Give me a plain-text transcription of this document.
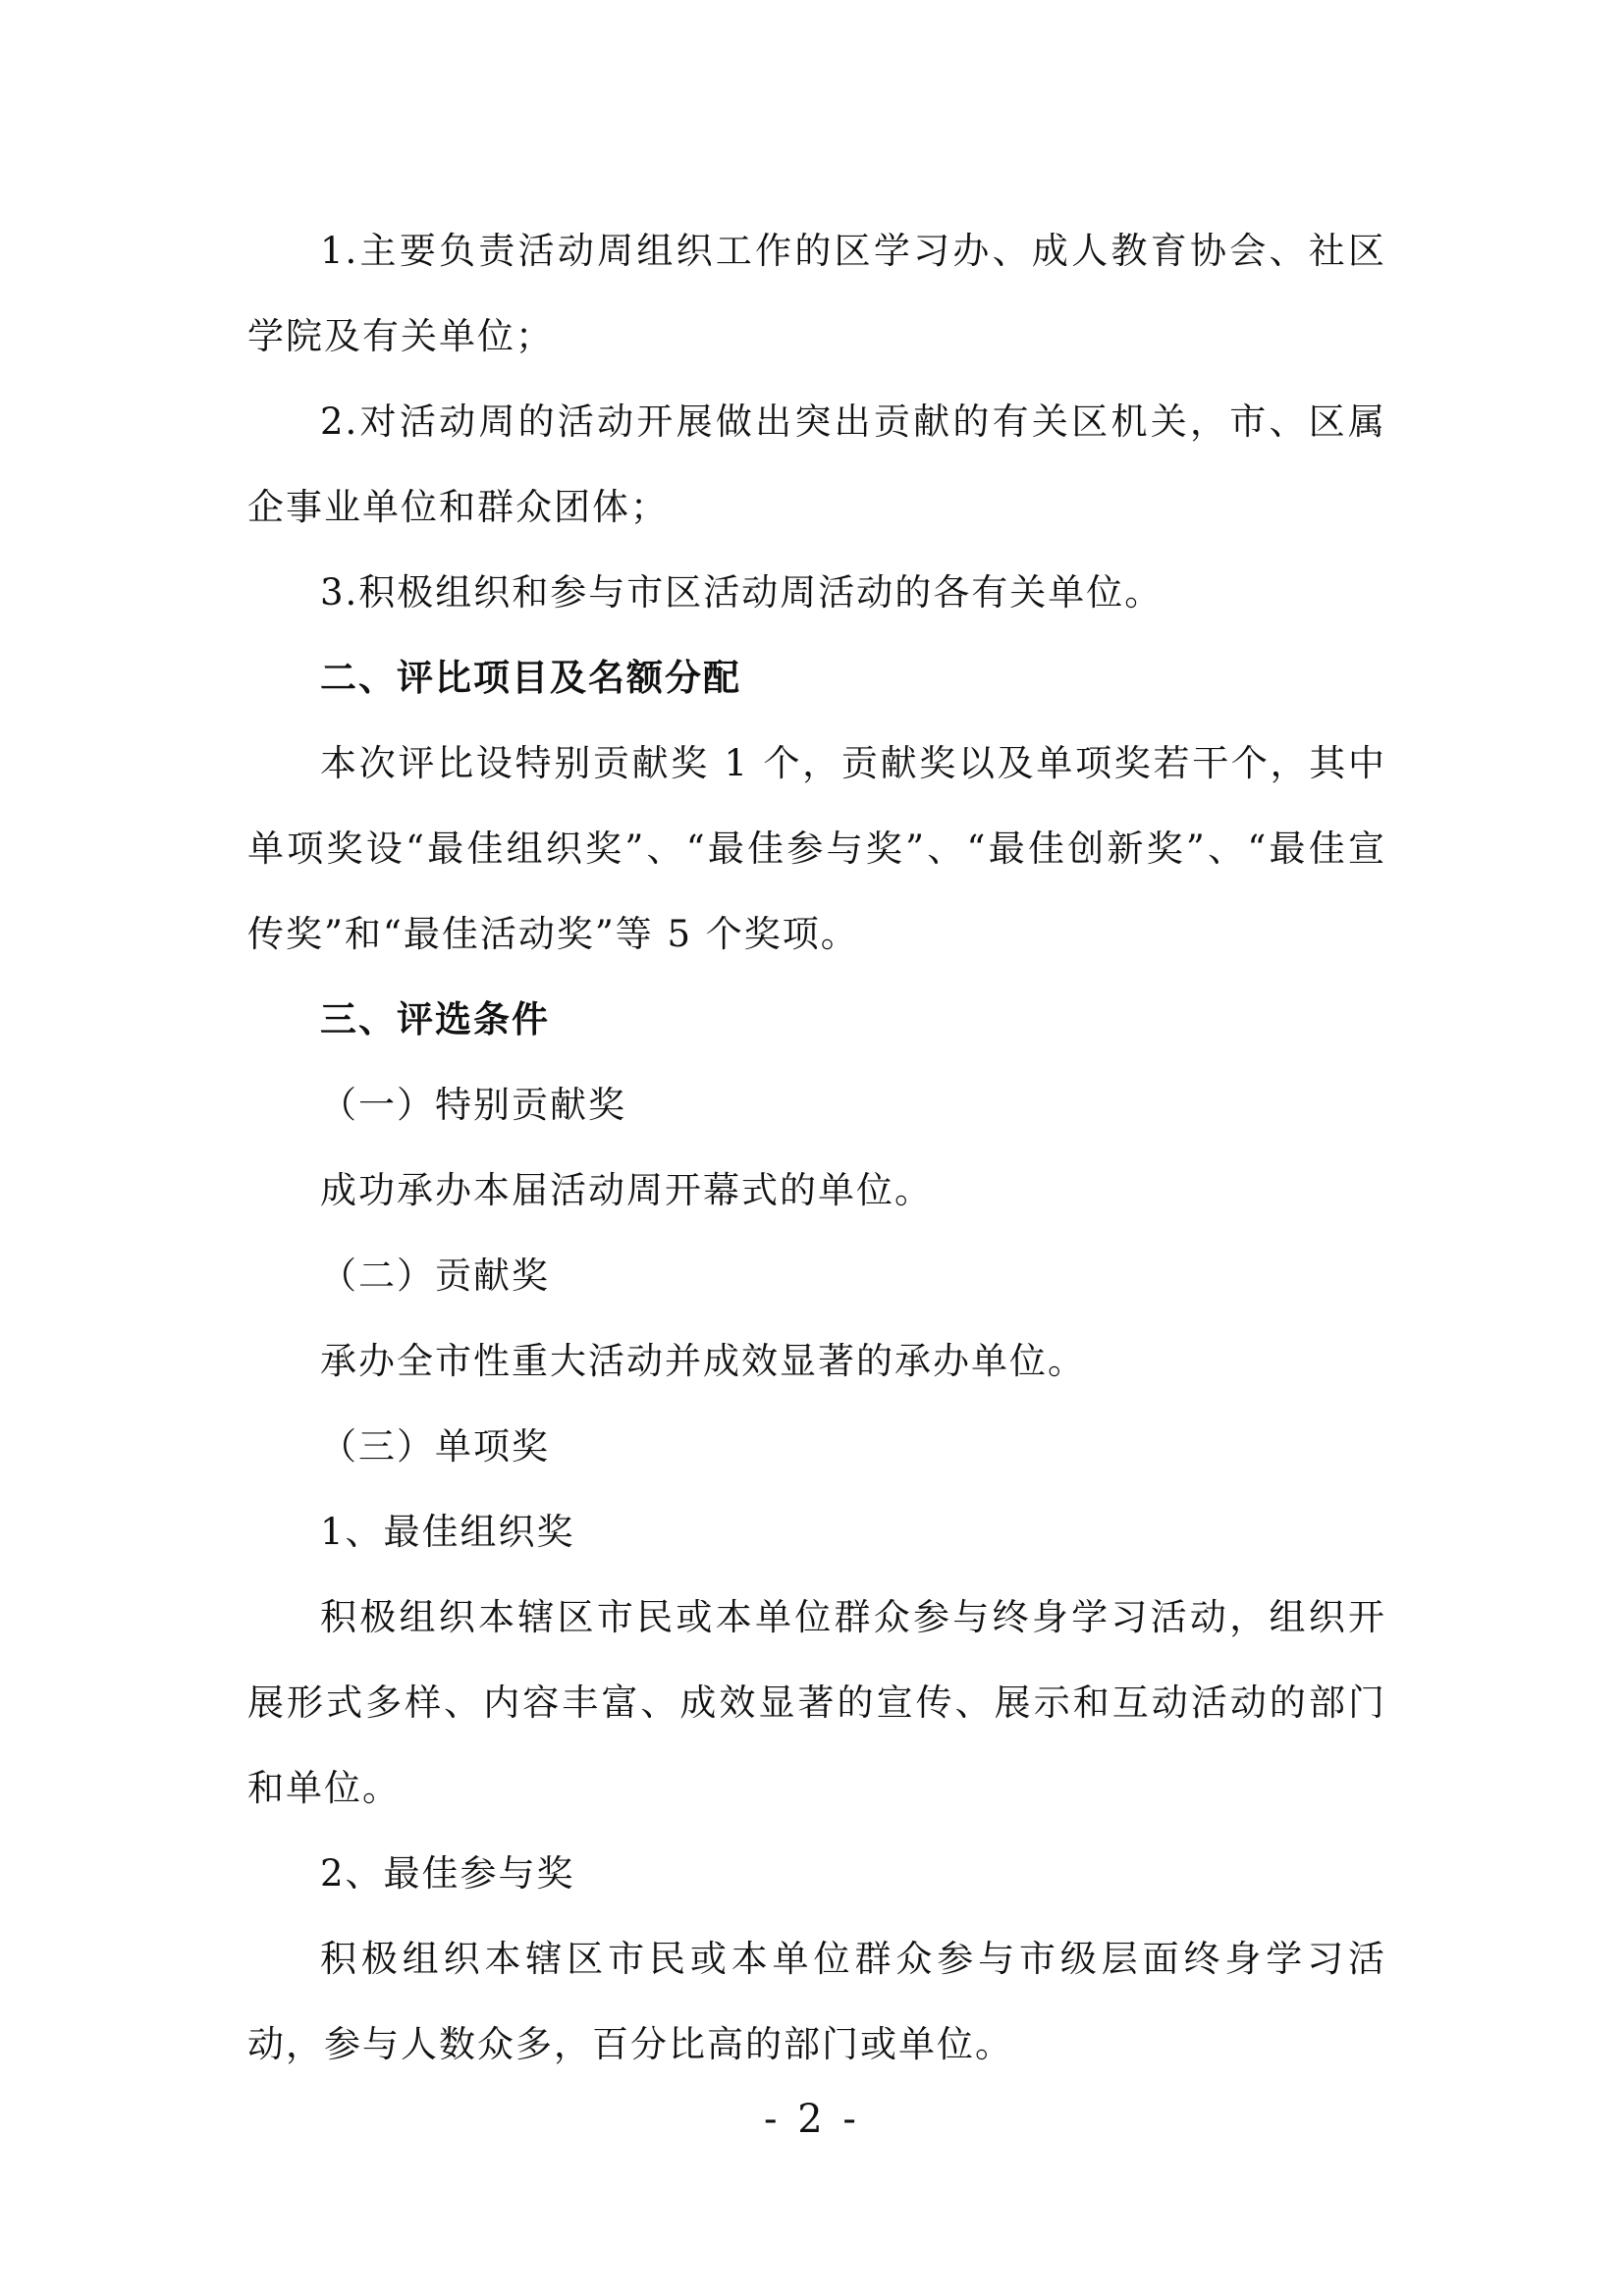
1.主要负责活动周组织工作的区学习办、成人教育协会、社区学院及有关单位；

2.对活动周的活动开展做出突出贡献的有关区机关，市、区属企事业单位和群众团体；

3.积极组织和参与市区活动周活动的各有关单位。

二、评比项目及名额分配

本次评比设特别贡献奖 1 个，贡献奖以及单项奖若干个，其中单项奖设“最佳组织奖”、“最佳参与奖”、“最佳创新奖”、“最佳宣传奖”和“最佳活动奖”等 5 个奖项。

三、评选条件

（一）特别贡献奖

成功承办本届活动周开幕式的单位。

（二）贡献奖

承办全市性重大活动并成效显著的承办单位。

（三）单项奖

1、最佳组织奖

积极组织本辖区市民或本单位群众参与终身学习活动，组织开展形式多样、内容丰富、成效显著的宣传、展示和互动活动的部门和单位。

2、最佳参与奖

积极组织本辖区市民或本单位群众参与市级层面终身学习活动，参与人数众多，百分比高的部门或单位。

- 2 -
